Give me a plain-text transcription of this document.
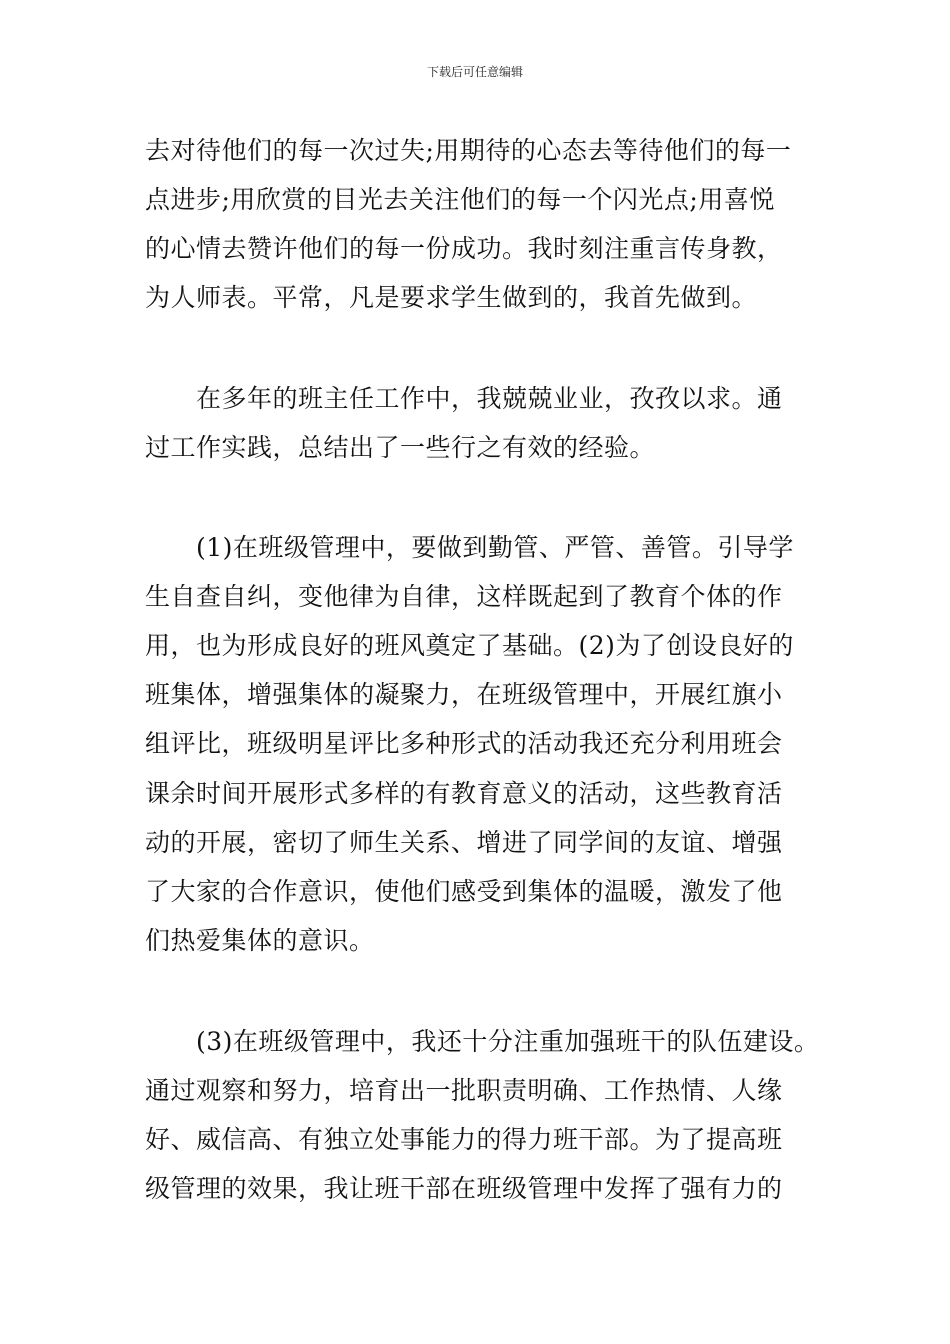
下载后可任意编辑
去对待他们的每一次过失;用期待的心态去等待他们的每一
点进步;用欣赏的目光去关注他们的每一个闪光点;用喜悦
的心情去赞许他们的每一份成功。我时刻注重言传身教，
为人师表。平常，凡是要求学生做到的，我首先做到。
在多年的班主任工作中，我兢兢业业，孜孜以求。通
过工作实践，总结出了一些行之有效的经验。
(1)在班级管理中，要做到勤管、严管、善管。引导学
生自查自纠，变他律为自律，这样既起到了教育个体的作
用，也为形成良好的班风奠定了基础。(2)为了创设良好的
班集体，增强集体的凝聚力，在班级管理中，开展红旗小
组评比，班级明星评比多种形式的活动我还充分利用班会
课余时间开展形式多样的有教育意义的活动，这些教育活
动的开展，密切了师生关系、增进了同学间的友谊、增强
了大家的合作意识，使他们感受到集体的温暖，激发了他
们热爱集体的意识。
(3)在班级管理中，我还十分注重加强班干的队伍建设。
通过观察和努力，培育出一批职责明确、工作热情、人缘
好、威信高、有独立处事能力的得力班干部。为了提高班
级管理的效果，我让班干部在班级管理中发挥了强有力的
